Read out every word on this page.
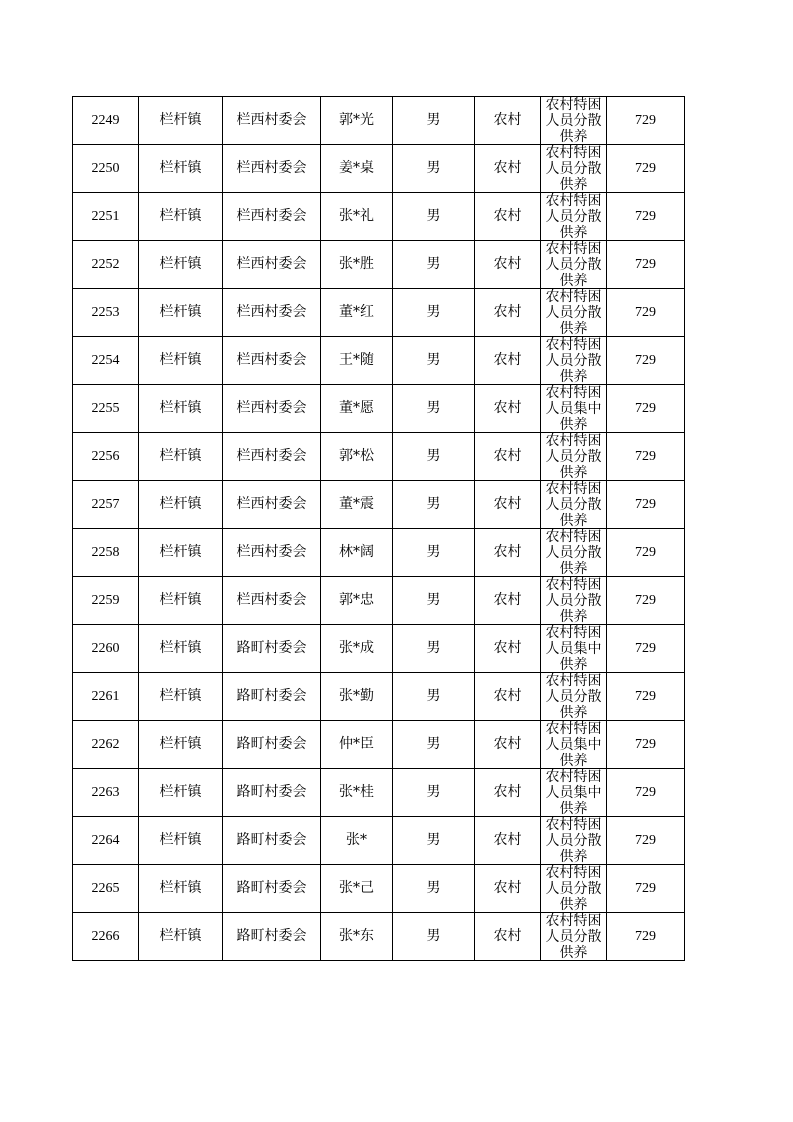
2249	栏杆镇	栏西村委会	郭*光	男	农村	农村特困人员分散供养	729
2250	栏杆镇	栏西村委会	姜*桌	男	农村	农村特困人员分散供养	729
2251	栏杆镇	栏西村委会	张*礼	男	农村	农村特困人员分散供养	729
2252	栏杆镇	栏西村委会	张*胜	男	农村	农村特困人员分散供养	729
2253	栏杆镇	栏西村委会	董*红	男	农村	农村特困人员分散供养	729
2254	栏杆镇	栏西村委会	王*随	男	农村	农村特困人员分散供养	729
2255	栏杆镇	栏西村委会	董*愿	男	农村	农村特困人员集中供养	729
2256	栏杆镇	栏西村委会	郭*松	男	农村	农村特困人员分散供养	729
2257	栏杆镇	栏西村委会	董*震	男	农村	农村特困人员分散供养	729
2258	栏杆镇	栏西村委会	林*阔	男	农村	农村特困人员分散供养	729
2259	栏杆镇	栏西村委会	郭*忠	男	农村	农村特困人员分散供养	729
2260	栏杆镇	路町村委会	张*成	男	农村	农村特困人员集中供养	729
2261	栏杆镇	路町村委会	张*勤	男	农村	农村特困人员分散供养	729
2262	栏杆镇	路町村委会	仲*臣	男	农村	农村特困人员集中供养	729
2263	栏杆镇	路町村委会	张*桂	男	农村	农村特困人员集中供养	729
2264	栏杆镇	路町村委会	张*	男	农村	农村特困人员分散供养	729
2265	栏杆镇	路町村委会	张*己	男	农村	农村特困人员分散供养	729
2266	栏杆镇	路町村委会	张*东	男	农村	农村特困人员分散供养	729
